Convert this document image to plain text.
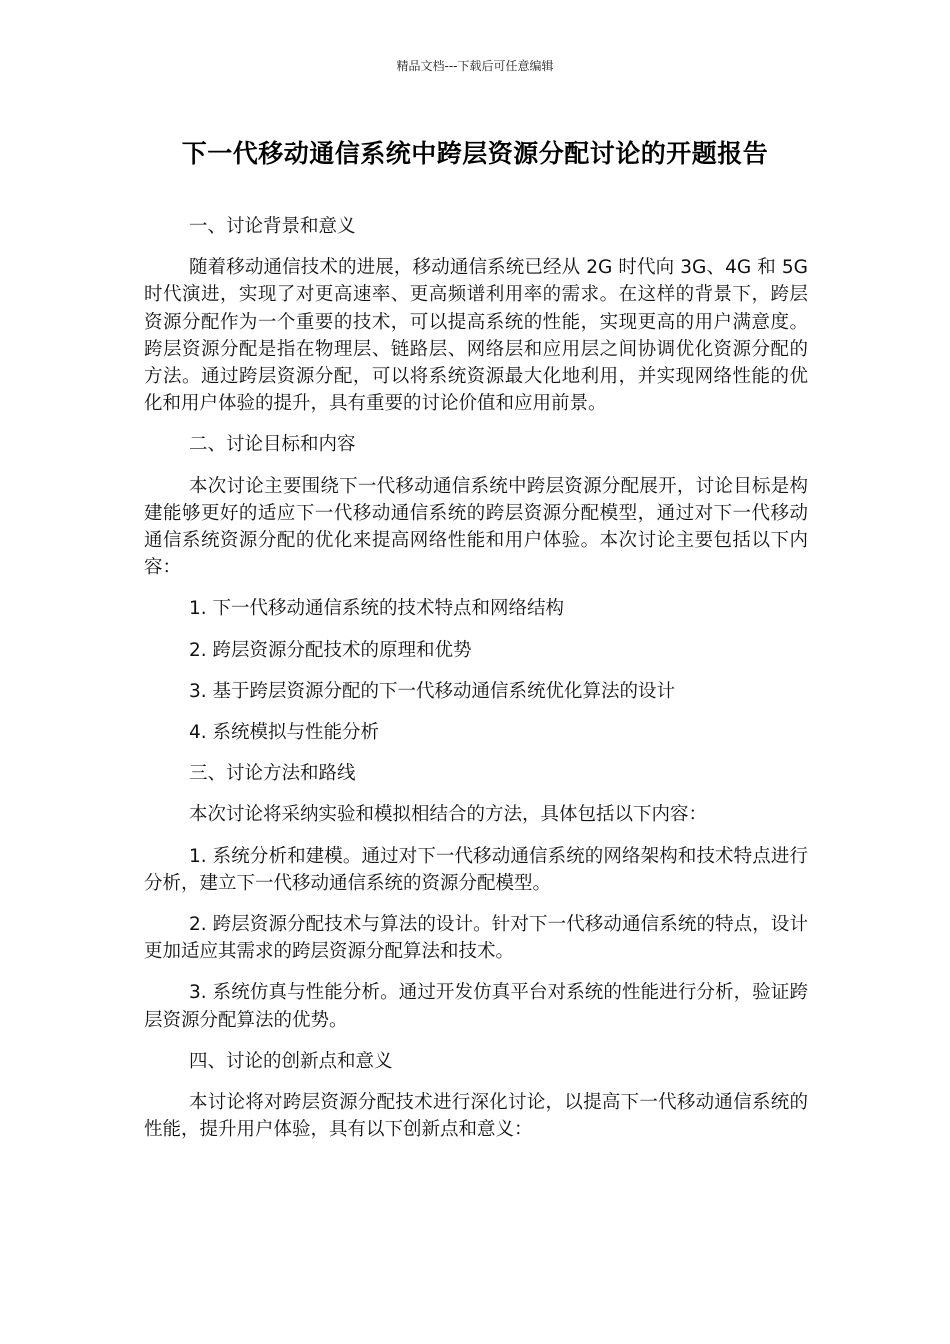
精品文档---下载后可任意编辑
下一代移动通信系统中跨层资源分配讨论的开题报告

一、讨论背景和意义

随着移动通信技术的进展，移动通信系统已经从 2G 时代向 3G、4G 和 5G 时代演进，实现了对更高速率、更高频谱利用率的需求。在这样的背景下，跨层资源分配作为一个重要的技术，可以提高系统的性能，实现更高的用户满意度。跨层资源分配是指在物理层、链路层、网络层和应用层之间协调优化资源分配的方法。通过跨层资源分配，可以将系统资源最大化地利用，并实现网络性能的优化和用户体验的提升，具有重要的讨论价值和应用前景。

二、讨论目标和内容

本次讨论主要围绕下一代移动通信系统中跨层资源分配展开，讨论目标是构建能够更好的适应下一代移动通信系统的跨层资源分配模型，通过对下一代移动通信系统资源分配的优化来提高网络性能和用户体验。本次讨论主要包括以下内容：

1. 下一代移动通信系统的技术特点和网络结构

2. 跨层资源分配技术的原理和优势

3. 基于跨层资源分配的下一代移动通信系统优化算法的设计

4. 系统模拟与性能分析

三、讨论方法和路线

本次讨论将采纳实验和模拟相结合的方法，具体包括以下内容：

1. 系统分析和建模。通过对下一代移动通信系统的网络架构和技术特点进行分析，建立下一代移动通信系统的资源分配模型。

2. 跨层资源分配技术与算法的设计。针对下一代移动通信系统的特点，设计更加适应其需求的跨层资源分配算法和技术。

3. 系统仿真与性能分析。通过开发仿真平台对系统的性能进行分析，验证跨层资源分配算法的优势。

四、讨论的创新点和意义

本讨论将对跨层资源分配技术进行深化讨论，以提高下一代移动通信系统的性能，提升用户体验，具有以下创新点和意义：
